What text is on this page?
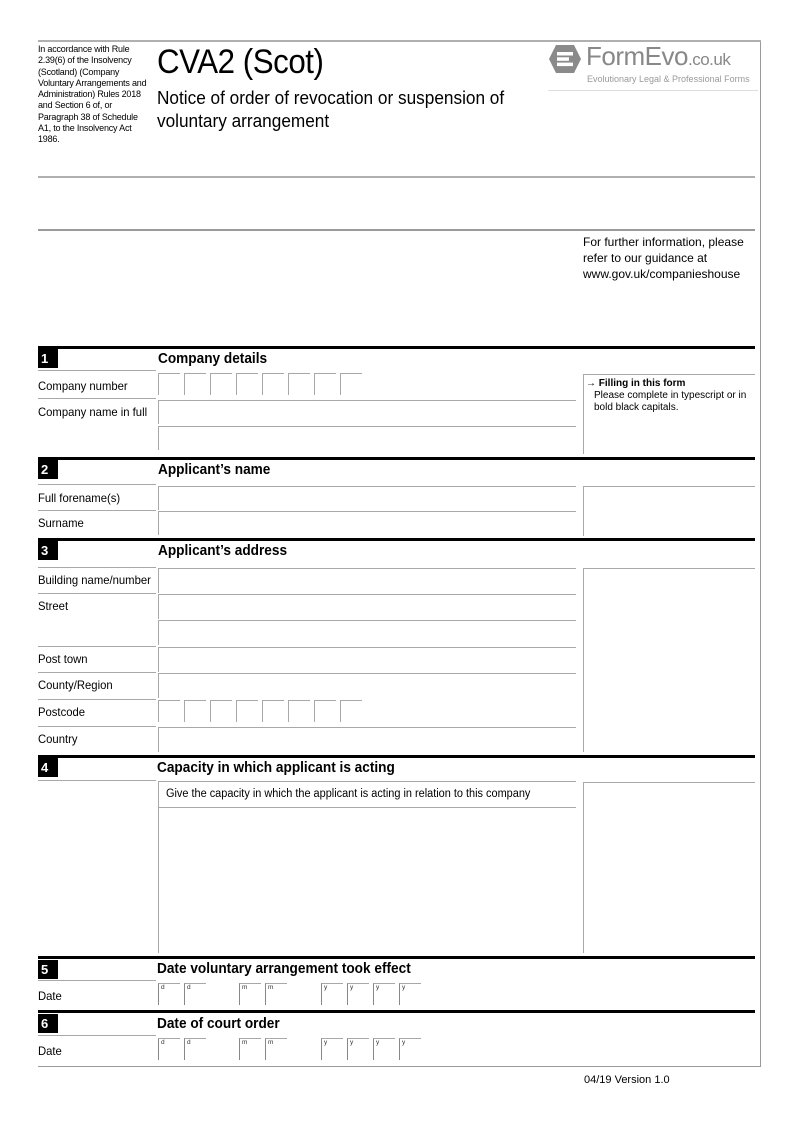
In accordance with Rule 2.39(6) of the Insolvency (Scotland) (Company Voluntary Arrangements and Administration) Rules 2018 and Section 6 of, or Paragraph 38 of Schedule A1, to the Insolvency Act 1986.
CVA2 (Scot)
Notice of order of revocation or suspension of voluntary arrangement
FormEvo.co.uk
Evolutionary Legal & Professional Forms
For further information, please refer to our guidance at www.gov.uk/companieshouse
1	Company details
Company number
Company name in full
→ Filling in this form
Please complete in typescript or in bold black capitals.
2	Applicant’s name
Full forename(s)
Surname
3	Applicant’s address
Building name/number
Street
Post town
County/Region
Postcode
Country
4	Capacity in which applicant is acting
Give the capacity in which the applicant is acting in relation to this company
5	Date voluntary arrangement took effect
Date
d	d	m	m	y	y	y	y
6	Date of court order
Date
d	d	m	m	y	y	y	y
04/19 Version 1.0
